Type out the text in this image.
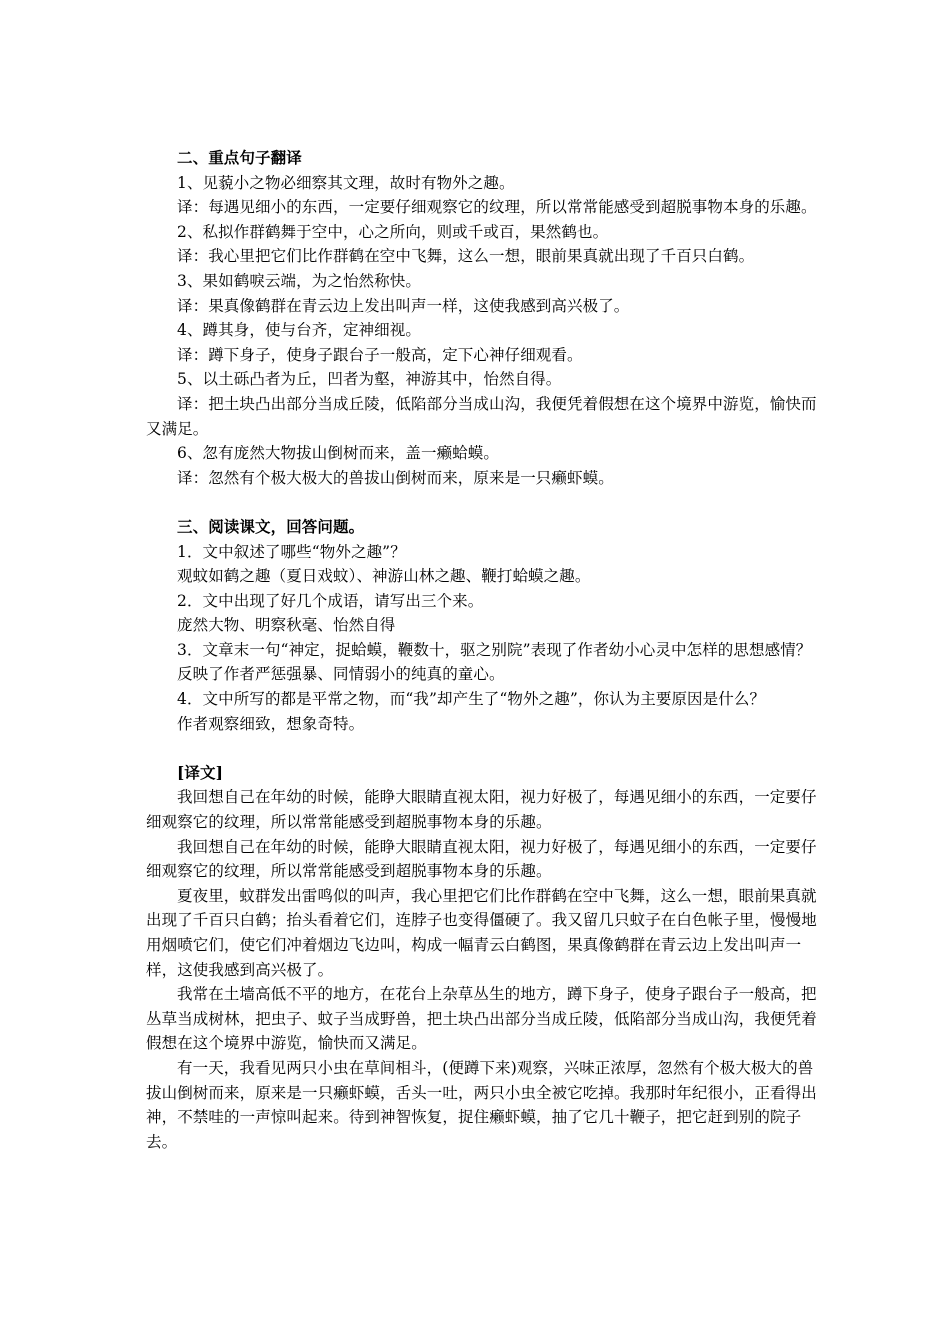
二、重点句子翻译

1、见藐小之物必细察其文理，故时有物外之趣。

译：每遇见细小的东西，一定要仔细观察它的纹理，所以常常能感受到超脱事物本身的乐趣。

2、私拟作群鹤舞于空中，心之所向，则或千或百，果然鹤也。

译：我心里把它们比作群鹤在空中飞舞，这么一想，眼前果真就出现了千百只白鹤。

3、果如鹤唳云端，为之怡然称快。

译：果真像鹤群在青云边上发出叫声一样，这使我感到高兴极了。

4、蹲其身，使与台齐，定神细视。

译：蹲下身子，使身子跟台子一般高，定下心神仔细观看。

5、以土砾凸者为丘，凹者为壑，神游其中，怡然自得。

译：把土块凸出部分当成丘陵，低陷部分当成山沟，我便凭着假想在这个境界中游览，愉快而又满足。

6、忽有庞然大物拔山倒树而来，盖一癞蛤蟆。

译：忽然有个极大极大的兽拔山倒树而来，原来是一只癞虾蟆。

三、阅读课文，回答问题。

1．文中叙述了哪些“物外之趣”？

观蚊如鹤之趣（夏日戏蚊）、神游山林之趣、鞭打蛤蟆之趣。

2．文中出现了好几个成语，请写出三个来。

庞然大物、明察秋毫、怡然自得

3．文章末一句“神定，捉蛤蟆，鞭数十，驱之别院”表现了作者幼小心灵中怎样的思想感情？

反映了作者严惩强暴、同情弱小的纯真的童心。

4．文中所写的都是平常之物，而“我”却产生了“物外之趣”，你认为主要原因是什么？

作者观察细致，想象奇特。

[译文]

我回想自己在年幼的时候，能睁大眼睛直视太阳，视力好极了，每遇见细小的东西，一定要仔细观察它的纹理，所以常常能感受到超脱事物本身的乐趣。

我回想自己在年幼的时候，能睁大眼睛直视太阳，视力好极了，每遇见细小的东西，一定要仔细观察它的纹理，所以常常能感受到超脱事物本身的乐趣。

夏夜里，蚊群发出雷鸣似的叫声，我心里把它们比作群鹤在空中飞舞，这么一想，眼前果真就出现了千百只白鹤；抬头看着它们，连脖子也变得僵硬了。我又留几只蚊子在白色帐子里，慢慢地用烟喷它们，使它们冲着烟边飞边叫，构成一幅青云白鹤图，果真像鹤群在青云边上发出叫声一样，这使我感到高兴极了。

我常在土墙高低不平的地方，在花台上杂草丛生的地方，蹲下身子，使身子跟台子一般高，把丛草当成树林，把虫子、蚊子当成野兽，把土块凸出部分当成丘陵，低陷部分当成山沟，我便凭着假想在这个境界中游览，愉快而又满足。

有一天，我看见两只小虫在草间相斗，(便蹲下来)观察，兴味正浓厚，忽然有个极大极大的兽拔山倒树而来，原来是一只癞虾蟆，舌头一吐，两只小虫全被它吃掉。我那时年纪很小，正看得出神，不禁哇的一声惊叫起来。待到神智恢复，捉住癞虾蟆，抽了它几十鞭子，把它赶到别的院子去。
